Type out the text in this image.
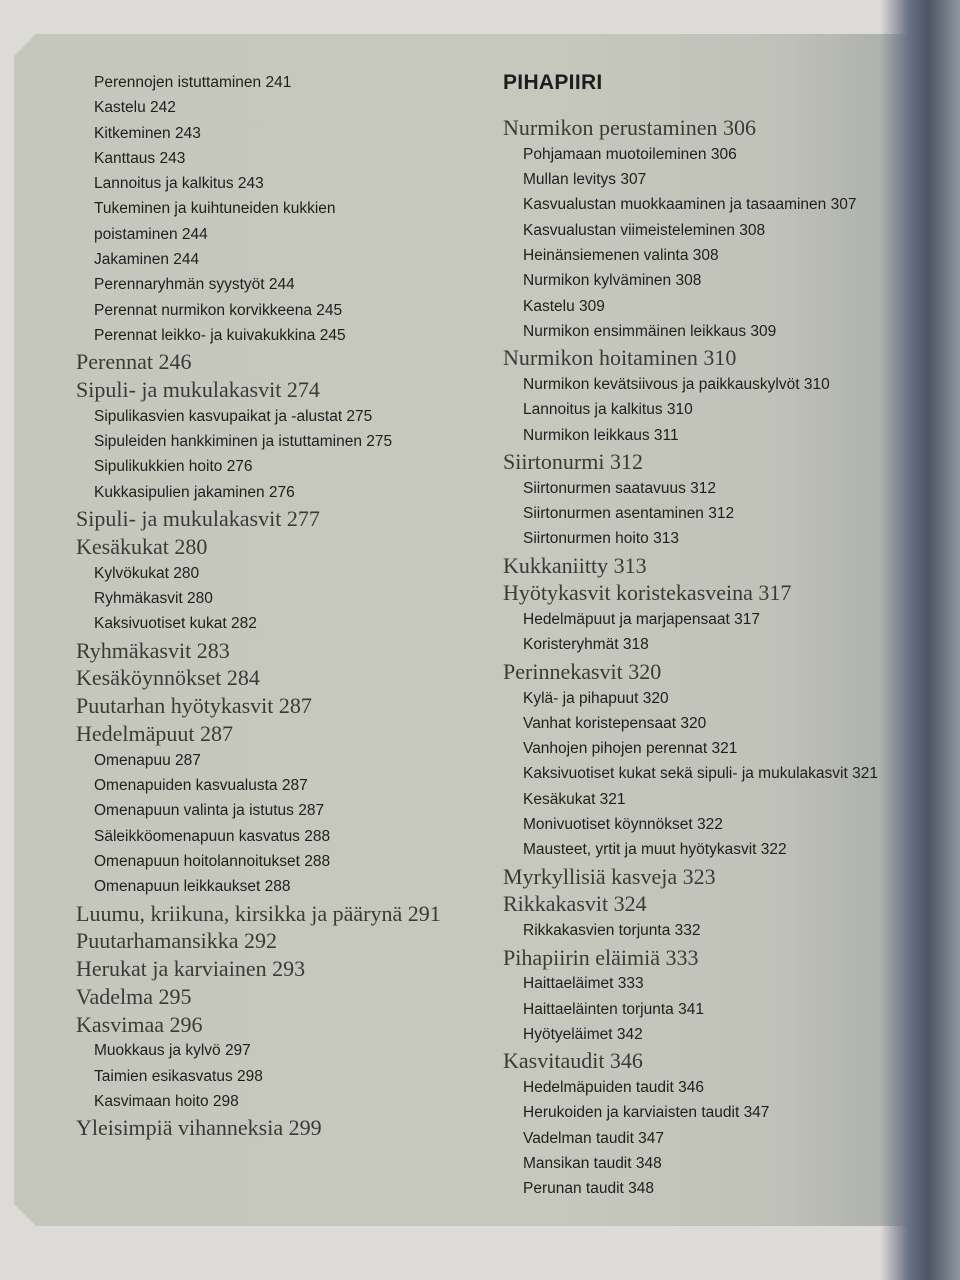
Perennojen istuttaminen 241
Kastelu 242
Kitkeminen 243
Kanttaus 243
Lannoitus ja kalkitus 243
Tukeminen ja kuihtuneiden kukkien
poistaminen 244
Jakaminen 244
Perennaryhmän syystyöt 244
Perennat nurmikon korvikkeena 245
Perennat leikko- ja kuivakukkina 245
Perennat 246
Sipuli- ja mukulakasvit 274
Sipulikasvien kasvupaikat ja -alustat 275
Sipuleiden hankkiminen ja istuttaminen 275
Sipulikukkien hoito 276
Kukkasipulien jakaminen 276
Sipuli- ja mukulakasvit 277
Kesäkukat 280
Kylvökukat 280
Ryhmäkasvit 280
Kaksivuotiset kukat 282
Ryhmäkasvit 283
Kesäköynnökset 284
Puutarhan hyötykasvit 287
Hedelmäpuut 287
Omenapuu 287
Omenapuiden kasvualusta 287
Omenapuun valinta ja istutus 287
Säleikköomenapuun kasvatus 288
Omenapuun hoitolannoitukset 288
Omenapuun leikkaukset 288
Luumu, kriikuna, kirsikka ja päärynä 291
Puutarhamansikka 292
Herukat ja karviainen 293
Vadelma 295
Kasvimaa 296
Muokkaus ja kylvö 297
Taimien esikasvatus 298
Kasvimaan hoito 298
Yleisimpiä vihanneksia 299
PIHAPIIRI
Nurmikon perustaminen 306
Pohjamaan muotoileminen 306
Mullan levitys 307
Kasvualustan muokkaaminen ja tasaaminen 307
Kasvualustan viimeisteleminen 308
Heinänsiemenen valinta 308
Nurmikon kylväminen 308
Kastelu 309
Nurmikon ensimmäinen leikkaus 309
Nurmikon hoitaminen 310
Nurmikon kevätsiivous ja paikkauskylvöt 310
Lannoitus ja kalkitus 310
Nurmikon leikkaus 311
Siirtonurmi 312
Siirtonurmen saatavuus 312
Siirtonurmen asentaminen 312
Siirtonurmen hoito 313
Kukkaniitty 313
Hyötykasvit koristekasveina 317
Hedelmäpuut ja marjapensaat 317
Koristeryhmät 318
Perinnekasvit 320
Kylä- ja pihapuut 320
Vanhat koristepensaat 320
Vanhojen pihojen perennat 321
Kaksivuotiset kukat sekä sipuli- ja mukulakasvit 321
Kesäkukat 321
Monivuotiset köynnökset 322
Mausteet, yrtit ja muut hyötykasvit 322
Myrkyllisiä kasveja 323
Rikkakasvit 324
Rikkakasvien torjunta 332
Pihapiirin eläimiä 333
Haittaeläimet 333
Haittaeläinten torjunta 341
Hyötyeläimet 342
Kasvitaudit 346
Hedelmäpuiden taudit 346
Herukoiden ja karviaisten taudit 347
Vadelman taudit 347
Mansikan taudit 348
Perunan taudit 348
